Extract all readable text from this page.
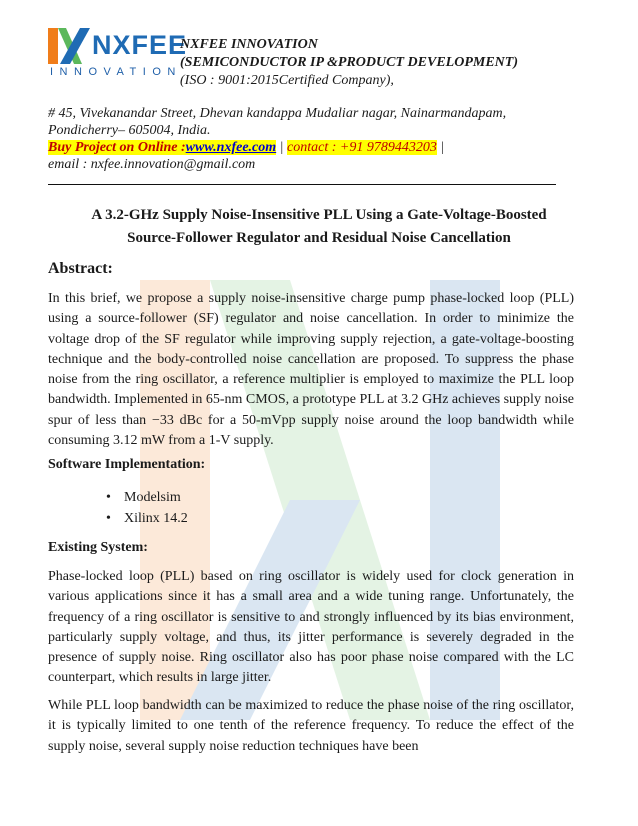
NXFEE
INNOVATION
NXFEE INNOVATION
(SEMICONDUCTOR IP &PRODUCT DEVELOPMENT)
(ISO : 9001:2015Certified Company),
# 45, Vivekanandar Street, Dhevan kandappa Mudaliar nagar, Nainarmandapam,
Pondicherry– 605004, India.
Buy Project on Online :www.nxfee.com | contact : +91 9789443203 |
email : nxfee.innovation@gmail.com
A 3.2-GHz Supply Noise-Insensitive PLL Using a Gate-Voltage-Boosted
Source-Follower Regulator and Residual Noise Cancellation
Abstract:

In this brief, we propose a supply noise-insensitive charge pump phase-locked loop (PLL) using a source-follower (SF) regulator and noise cancellation. In order to minimize the voltage drop of the SF regulator while improving supply rejection, a gate-voltage-boosting technique and the body-controlled noise cancellation are proposed. To suppress the phase noise from the ring oscillator, a reference multiplier is employed to maximize the PLL loop bandwidth. Implemented in 65-nm CMOS, a prototype PLL at 3.2 GHz achieves supply noise spur of less than −33 dBc for a 50-mVpp supply noise around the loop bandwidth while consuming 3.12 mW from a 1-V supply.

Software Implementation:
• Modelsim
• Xilinx 14.2
Existing System:

Phase-locked loop (PLL) based on ring oscillator is widely used for clock generation in various applications since it has a small area and a wide tuning range. Unfortunately, the frequency of a ring oscillator is sensitive to and strongly influenced by its bias environment, particularly supply voltage, and thus, its jitter performance is severely degraded in the presence of supply noise. Ring oscillator also has poor phase noise compared with the LC counterpart, which results in large jitter.

While PLL loop bandwidth can be maximized to reduce the phase noise of the ring oscillator, it is typically limited to one tenth of the reference frequency. To reduce the effect of the supply noise, several supply noise reduction techniques have been
